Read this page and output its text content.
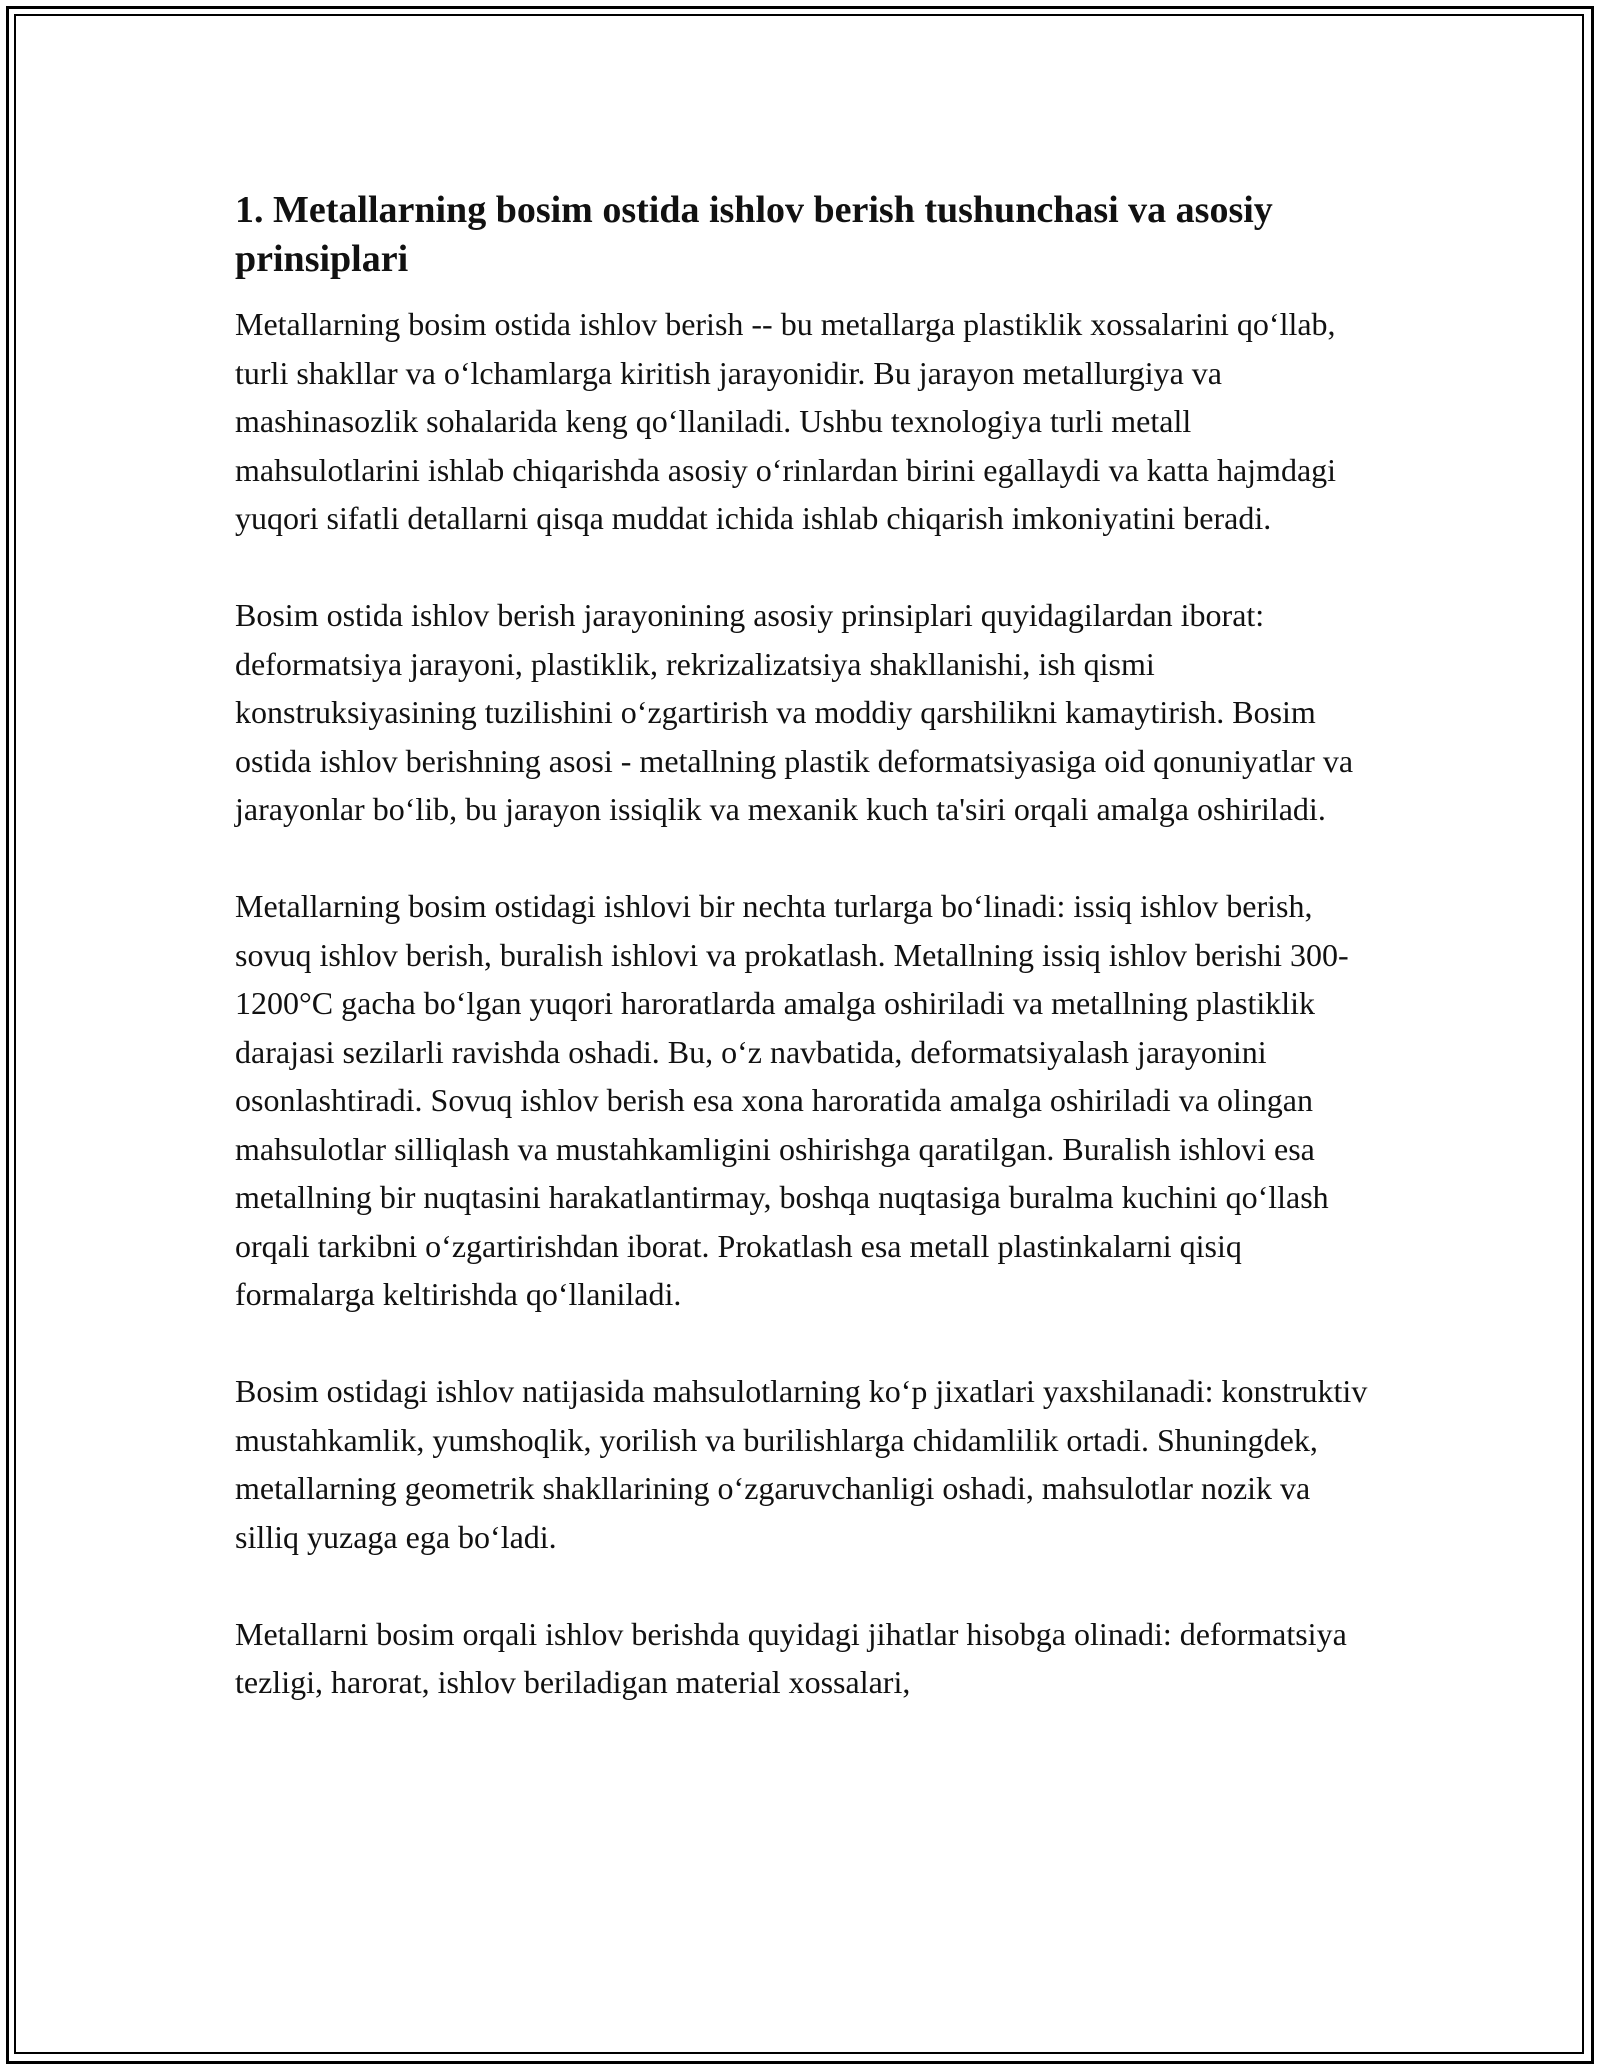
1. Metallarning bosim ostida ishlov berish tushunchasi va asosiy prinsiplari

Metallarning bosim ostida ishlov berish -- bu metallarga plastiklik xossalarini qo‘llab, turli shakllar va o‘lchamlarga kiritish jarayonidir. Bu jarayon metallurgiya va mashinasozlik sohalarida keng qo‘llaniladi. Ushbu texnologiya turli metall mahsulotlarini ishlab chiqarishda asosiy o‘rinlardan birini egallaydi va katta hajmdagi yuqori sifatli detallarni qisqa muddat ichida ishlab chiqarish imkoniyatini beradi.

Bosim ostida ishlov berish jarayonining asosiy prinsiplari quyidagilardan iborat: deformatsiya jarayoni, plastiklik, rekrizalizatsiya shakllanishi, ish qismi konstruksiyasining tuzilishini o‘zgartirish va moddiy qarshilikni kamaytirish. Bosim ostida ishlov berishning asosi - metallning plastik deformatsiyasiga oid qonuniyatlar va jarayonlar bo‘lib, bu jarayon issiqlik va mexanik kuch ta'siri orqali amalga oshiriladi.

Metallarning bosim ostidagi ishlovi bir nechta turlarga bo‘linadi: issiq ishlov berish, sovuq ishlov berish, buralish ishlovi va prokatlash. Metallning issiq ishlov berishi 300-1200°C gacha bo‘lgan yuqori haroratlarda amalga oshiriladi va metallning plastiklik darajasi sezilarli ravishda oshadi. Bu, o‘z navbatida, deformatsiyalash jarayonini osonlashtiradi. Sovuq ishlov berish esa xona haroratida amalga oshiriladi va olingan mahsulotlar silliqlash va mustahkamligini oshirishga qaratilgan. Buralish ishlovi esa metallning bir nuqtasini harakatlantirmay, boshqa nuqtasiga buralma kuchini qo‘llash orqali tarkibni o‘zgartirishdan iborat. Prokatlash esa metall plastinkalarni qisiq formalarga keltirishda qo‘llaniladi.

Bosim ostidagi ishlov natijasida mahsulotlarning ko‘p jixatlari yaxshilanadi: konstruktiv mustahkamlik, yumshoqlik, yorilish va burilishlarga chidamlilik ortadi. Shuningdek, metallarning geometrik shakllarining o‘zgaruvchanligi oshadi, mahsulotlar nozik va silliq yuzaga ega bo‘ladi.

Metallarni bosim orqali ishlov berishda quyidagi jihatlar hisobga olinadi: deformatsiya tezligi, harorat, ishlov beriladigan material xossalari,
